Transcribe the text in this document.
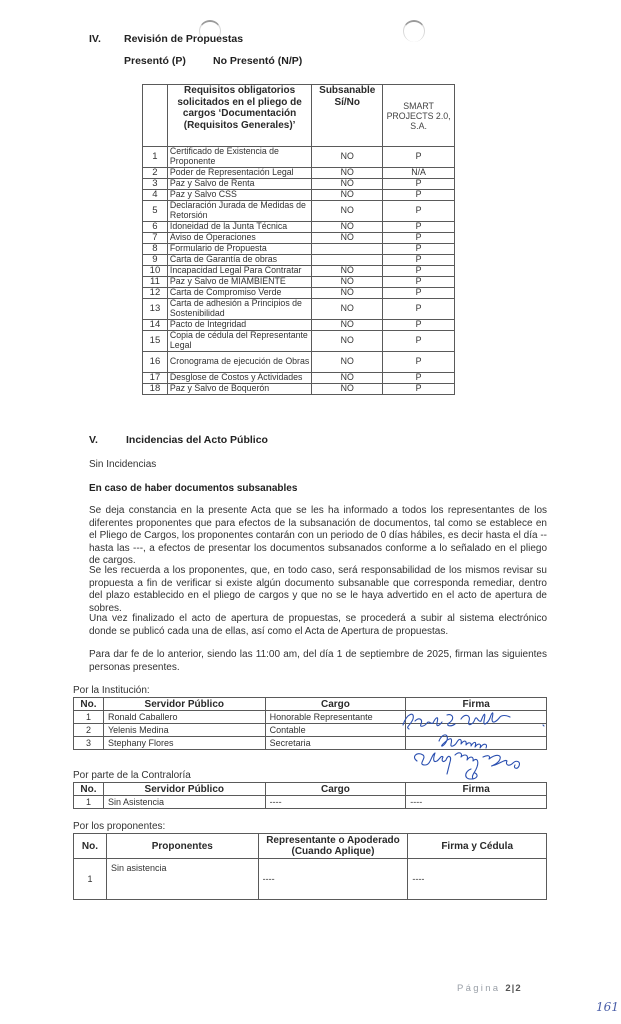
IV. Revisión de Propuestas
Presentó (P)	No Presentó (N/P)
	Requisitos obligatorios solicitados en el pliego de cargos ‘Documentación (Requisitos Generales)’	Subsanable Sí/No	SMART PROJECTS 2.0, S.A.
1	Certificado de Existencia de Proponente	NO	P
2	Poder de Representación Legal	NO	N/A
3	Paz y Salvo de Renta	NO	P
4	Paz y Salvo CSS	NO	P
5	Declaración Jurada de Medidas de Retorsión	NO	P
6	Idoneidad de la Junta Técnica	NO	P
7	Aviso de Operaciones	NO	P
8	Formulario de Propuesta		P
9	Carta de Garantía de obras		P
10	Incapacidad Legal Para Contratar	NO	P
11	Paz y Salvo de MIAMBIENTE	NO	P
12	Carta de Compromiso Verde	NO	P
13	Carta de adhesión a Principios de Sostenibilidad	NO	P
14	Pacto de Integridad	NO	P
15	Copia de cédula del Representante Legal	NO	P
16	Cronograma de ejecución de Obras	NO	P
17	Desglose de Costos y Actividades	NO	P
18	Paz y Salvo de Boquerón	NO	P
V.	Incidencias del Acto Público
Sin Incidencias
En caso de haber documentos subsanables
Se deja constancia en la presente Acta que se les ha informado a todos los representantes de los diferentes proponentes que para efectos de la subsanación de documentos, tal como se establece en el Pliego de Cargos, los proponentes contarán con un periodo de 0 días hábiles, es decir hasta el día -- hasta las ---, a efectos de presentar los documentos subsanados conforme a lo señalado en el pliego de cargos.
Se les recuerda a los proponentes, que, en todo caso, será responsabilidad de los mismos revisar su propuesta a fin de verificar si existe algún documento subsanable que corresponda remediar, dentro del plazo establecido en el pliego de cargos y que no se le haya advertido en el acto de apertura de sobres.
Una vez finalizado el acto de apertura de propuestas, se procederá a subir al sistema electrónico donde se publicó cada una de ellas, así como el Acta de Apertura de propuestas.
Para dar fe de lo anterior, siendo las 11:00 am, del día 1 de septiembre de 2025, firman las siguientes personas presentes.
Por la Institución:
No.	Servidor Público	Cargo	Firma
1	Ronald Caballero	Honorable Representante	
2	Yelenis Medina	Contable	
3	Stephany Flores	Secretaria	
Por parte de la Contraloría
No.	Servidor Público	Cargo	Firma
1	Sin Asistencia	----	----
Por los proponentes:
No.	Proponentes	Representante o Apoderado (Cuando Aplique)	Firma y Cédula
1	Sin asistencia	----	----
Página 2|2
161
